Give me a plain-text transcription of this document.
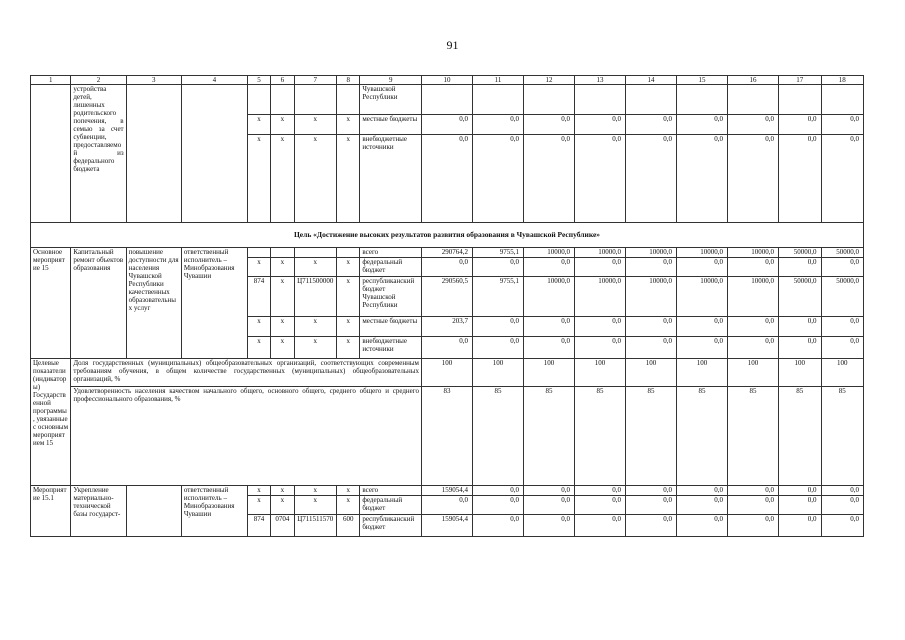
91
1	2	3	4	5	6	7	8	9	10	11	12	13	14	15	16	17	18
	устройства детей, лишенных родительского попечения, в семью за счет субвенции, предоставляемой из федерального бюджета							Чувашской Республики									
				x	x	x	x	местные бюджеты	0,0	0,0	0,0	0,0	0,0	0,0	0,0	0,0	0,0
				x	x	x	x	внебюджетные источники	0,0	0,0	0,0	0,0	0,0	0,0	0,0	0,0	0,0
Цель «Достижение высоких результатов развития образования в Чувашской Республике»																	
Основное мероприятие 15	Капитальный ремонт объектов образования	повышение доступности для населения Чувашской Республики качественных образовательных услуг	ответственный исполнитель – Минобразования Чувашии					всего	290764,2	9755,1	10000,0	10000,0	10000,0	10000,0	10000,0	50000,0	50000,0
				x	x	x	x	федеральный бюджет	0,0	0,0	0,0	0,0	0,0	0,0	0,0	0,0	0,0
				874	x	Ц711500000	x	республиканский бюджет Чувашской Республики	290560,5	9755,1	10000,0	10000,0	10000,0	10000,0	10000,0	50000,0	50000,0
				x	x	x	x	местные бюджеты	203,7	0,0	0,0	0,0	0,0	0,0	0,0	0,0	0,0
				x	x	x	x	внебюджетные источники	0,0	0,0	0,0	0,0	0,0	0,0	0,0	0,0	0,0
Целевые показатели (индикаторы) Государственной программы, увязанные с основным мероприятием 15	Доля государственных (муниципальных) общеобразовательных организаций, соответствующих современным требованиям обучения, в общем количестве государственных (муниципальных) общеобразовательных организаций, %								100	100	100	100	100	100	100	100	100
	Удовлетворенность населения качеством начального общего, основного общего, среднего общего и среднего профессионального образования, %								83	85	85	85	85	85	85	85	85
Мероприятие 15.1	Укрепление материально-технической базы государст-		ответственный исполнитель – Минобразования Чувашии	x	x	x	x	всего	159054,4	0,0	0,0	0,0	0,0	0,0	0,0	0,0	0,0
				x	x	x	x	федеральный бюджет	0,0	0,0	0,0	0,0	0,0	0,0	0,0	0,0	0,0
				874	0704	Ц711511570	600	республиканский бюджет	159054,4	0,0	0,0	0,0	0,0	0,0	0,0	0,0	0,0
